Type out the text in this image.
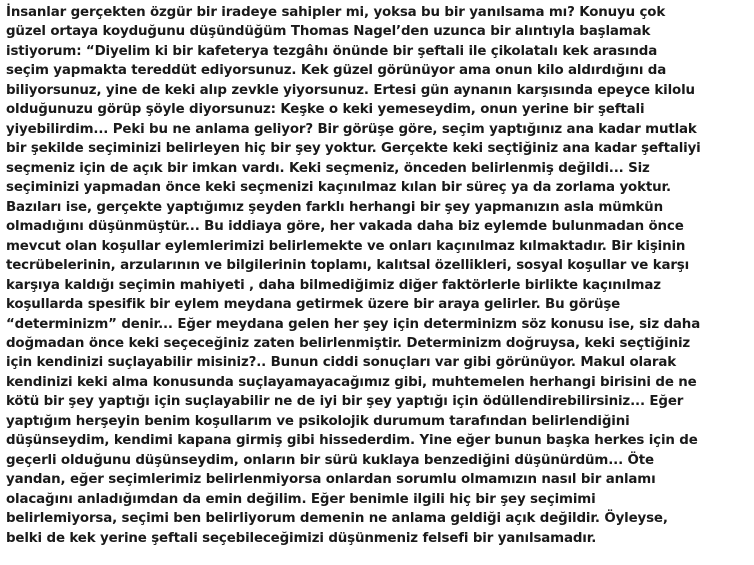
İnsanlar gerçekten özgür bir iradeye sahipler mi, yoksa bu bir yanılsama mı? Konuyu çok
güzel ortaya koyduğunu düşündüğüm Thomas Nagel’den uzunca bir alıntıyla başlamak
istiyorum: “Diyelim ki bir kafeterya tezgâhı önünde bir şeftali ile çikolatalı kek arasında
seçim yapmakta tereddüt ediyorsunuz. Kek güzel görünüyor ama onun kilo aldırdığını da
biliyorsunuz, yine de keki alıp zevkle yiyorsunuz. Ertesi gün aynanın karşısında epeyce kilolu
olduğunuzu görüp şöyle diyorsunuz: Keşke o keki yemeseydim, onun yerine bir şeftali
yiyebilirdim... Peki bu ne anlama geliyor? Bir görüşe göre, seçim yaptığınız ana kadar mutlak
bir şekilde seçiminizi belirleyen hiç bir şey yoktur. Gerçekte keki seçtiğiniz ana kadar şeftaliyi
seçmeniz için de açık bir imkan vardı. Keki seçmeniz, önceden belirlenmiş değildi... Siz
seçiminizi yapmadan önce keki seçmenizi kaçınılmaz kılan bir süreç ya da zorlama yoktur.
Bazıları ise, gerçekte yaptığımız şeyden farklı herhangi bir şey yapmanızın asla mümkün
olmadığını düşünmüştür... Bu iddiaya göre, her vakada daha biz eylemde bulunmadan önce
mevcut olan koşullar eylemlerimizi belirlemekte ve onları kaçınılmaz kılmaktadır. Bir kişinin
tecrübelerinin, arzularının ve bilgilerinin toplamı, kalıtsal özellikleri, sosyal koşullar ve karşı
karşıya kaldığı seçimin mahiyeti , daha bilmediğimiz diğer faktörlerle birlikte kaçınılmaz
koşullarda spesifik bir eylem meydana getirmek üzere bir araya gelirler. Bu görüşe
“determinizm” denir... Eğer meydana gelen her şey için determinizm söz konusu ise, siz daha
doğmadan önce keki seçeceğiniz zaten belirlenmiştir. Determinizm doğruysa, keki seçtiğiniz
için kendinizi suçlayabilir misiniz?.. Bunun ciddi sonuçları var gibi görünüyor. Makul olarak
kendinizi keki alma konusunda suçlayamayacağımız gibi, muhtemelen herhangi birisini de ne
kötü bir şey yaptığı için suçlayabilir ne de iyi bir şey yaptığı için ödüllendirebilirsiniz... Eğer
yaptığım herşeyin benim koşullarım ve psikolojik durumum tarafından belirlendiğini
düşünseydim, kendimi kapana girmiş gibi hissederdim. Yine eğer bunun başka herkes için de
geçerli olduğunu düşünseydim, onların bir sürü kuklaya benzediğini düşünürdüm... Öte
yandan, eğer seçimlerimiz belirlenmiyorsa onlardan sorumlu olmamızın nasıl bir anlamı
olacağını anladığımdan da emin değilim. Eğer benimle ilgili hiç bir şey seçimimi
belirlemiyorsa, seçimi ben belirliyorum demenin ne anlama geldiği açık değildir. Öyleyse,
belki de kek yerine şeftali seçebileceğimizi düşünmeniz felsefi bir yanılsamadır.
